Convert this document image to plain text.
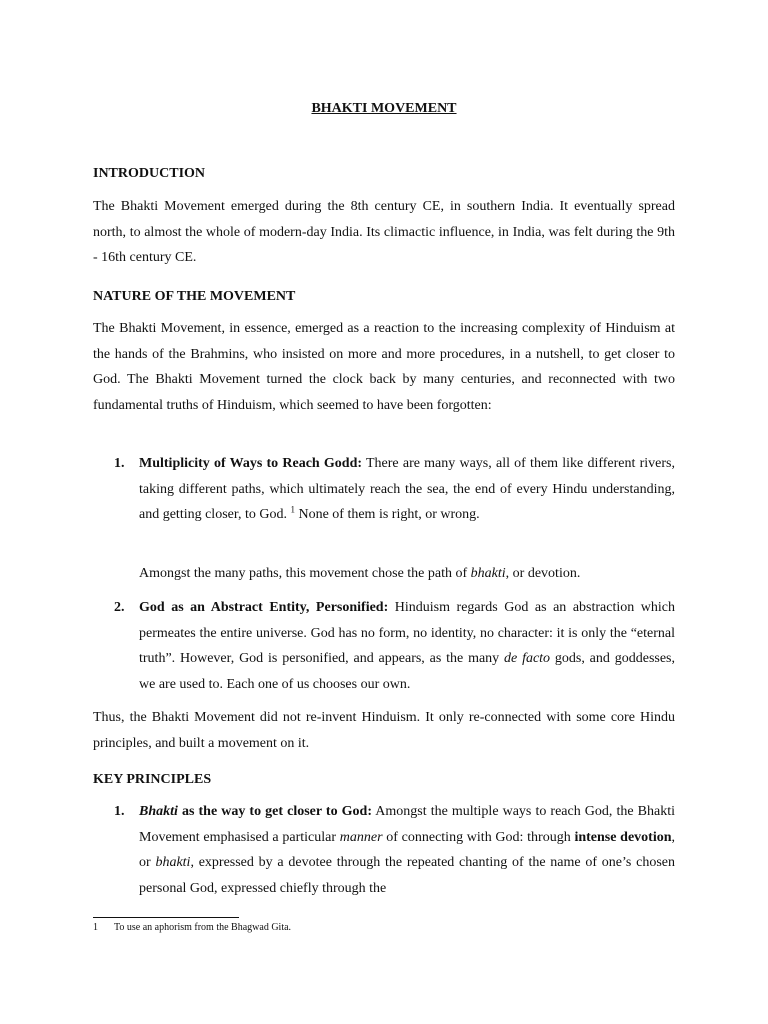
BHAKTI MOVEMENT
INTRODUCTION

The Bhakti Movement emerged during the 8th century CE, in southern India. It eventually spread north, to almost the whole of modern-day India. Its climactic influence, in India, was felt during the 9th - 16th century CE.

NATURE OF THE MOVEMENT

The Bhakti Movement, in essence, emerged as a reaction to the increasing complexity of Hinduism at the hands of the Brahmins, who insisted on more and more procedures, in a nutshell, to get closer to God. The Bhakti Movement turned the clock back by many centuries, and reconnected with two fundamental truths of Hinduism, which seemed to have been forgotten:

1. Multiplicity of Ways to Reach Godd: There are many ways, all of them like different rivers, taking different paths, which ultimately reach the sea, the end of every Hindu understanding, and getting closer, to God. $^1$ None of them is right, or wrong.

Amongst the many paths, this movement chose the path of bhakti, or devotion.

2. God as an Abstract Entity, Personified: Hinduism regards God as an abstraction which permeates the entire universe. God has no form, no identity, no character: it is only the “eternal truth”. However, God is personified, and appears, as the many de facto gods, and goddesses, we are used to. Each one of us chooses our own.

Thus, the Bhakti Movement did not re-invent Hinduism. It only re-connected with some core Hindu principles, and built a movement on it.

KEY PRINCIPLES
1. Bhakti as the way to get closer to God: Amongst the multiple ways to reach God, the Bhakti Movement emphasised a particular manner of connecting with God: through intense devotion, or bhakti, expressed by a devotee through the repeated chanting of the name of one’s chosen personal God, expressed chiefly through the
1 To use an aphorism from the Bhagwad Gita.
